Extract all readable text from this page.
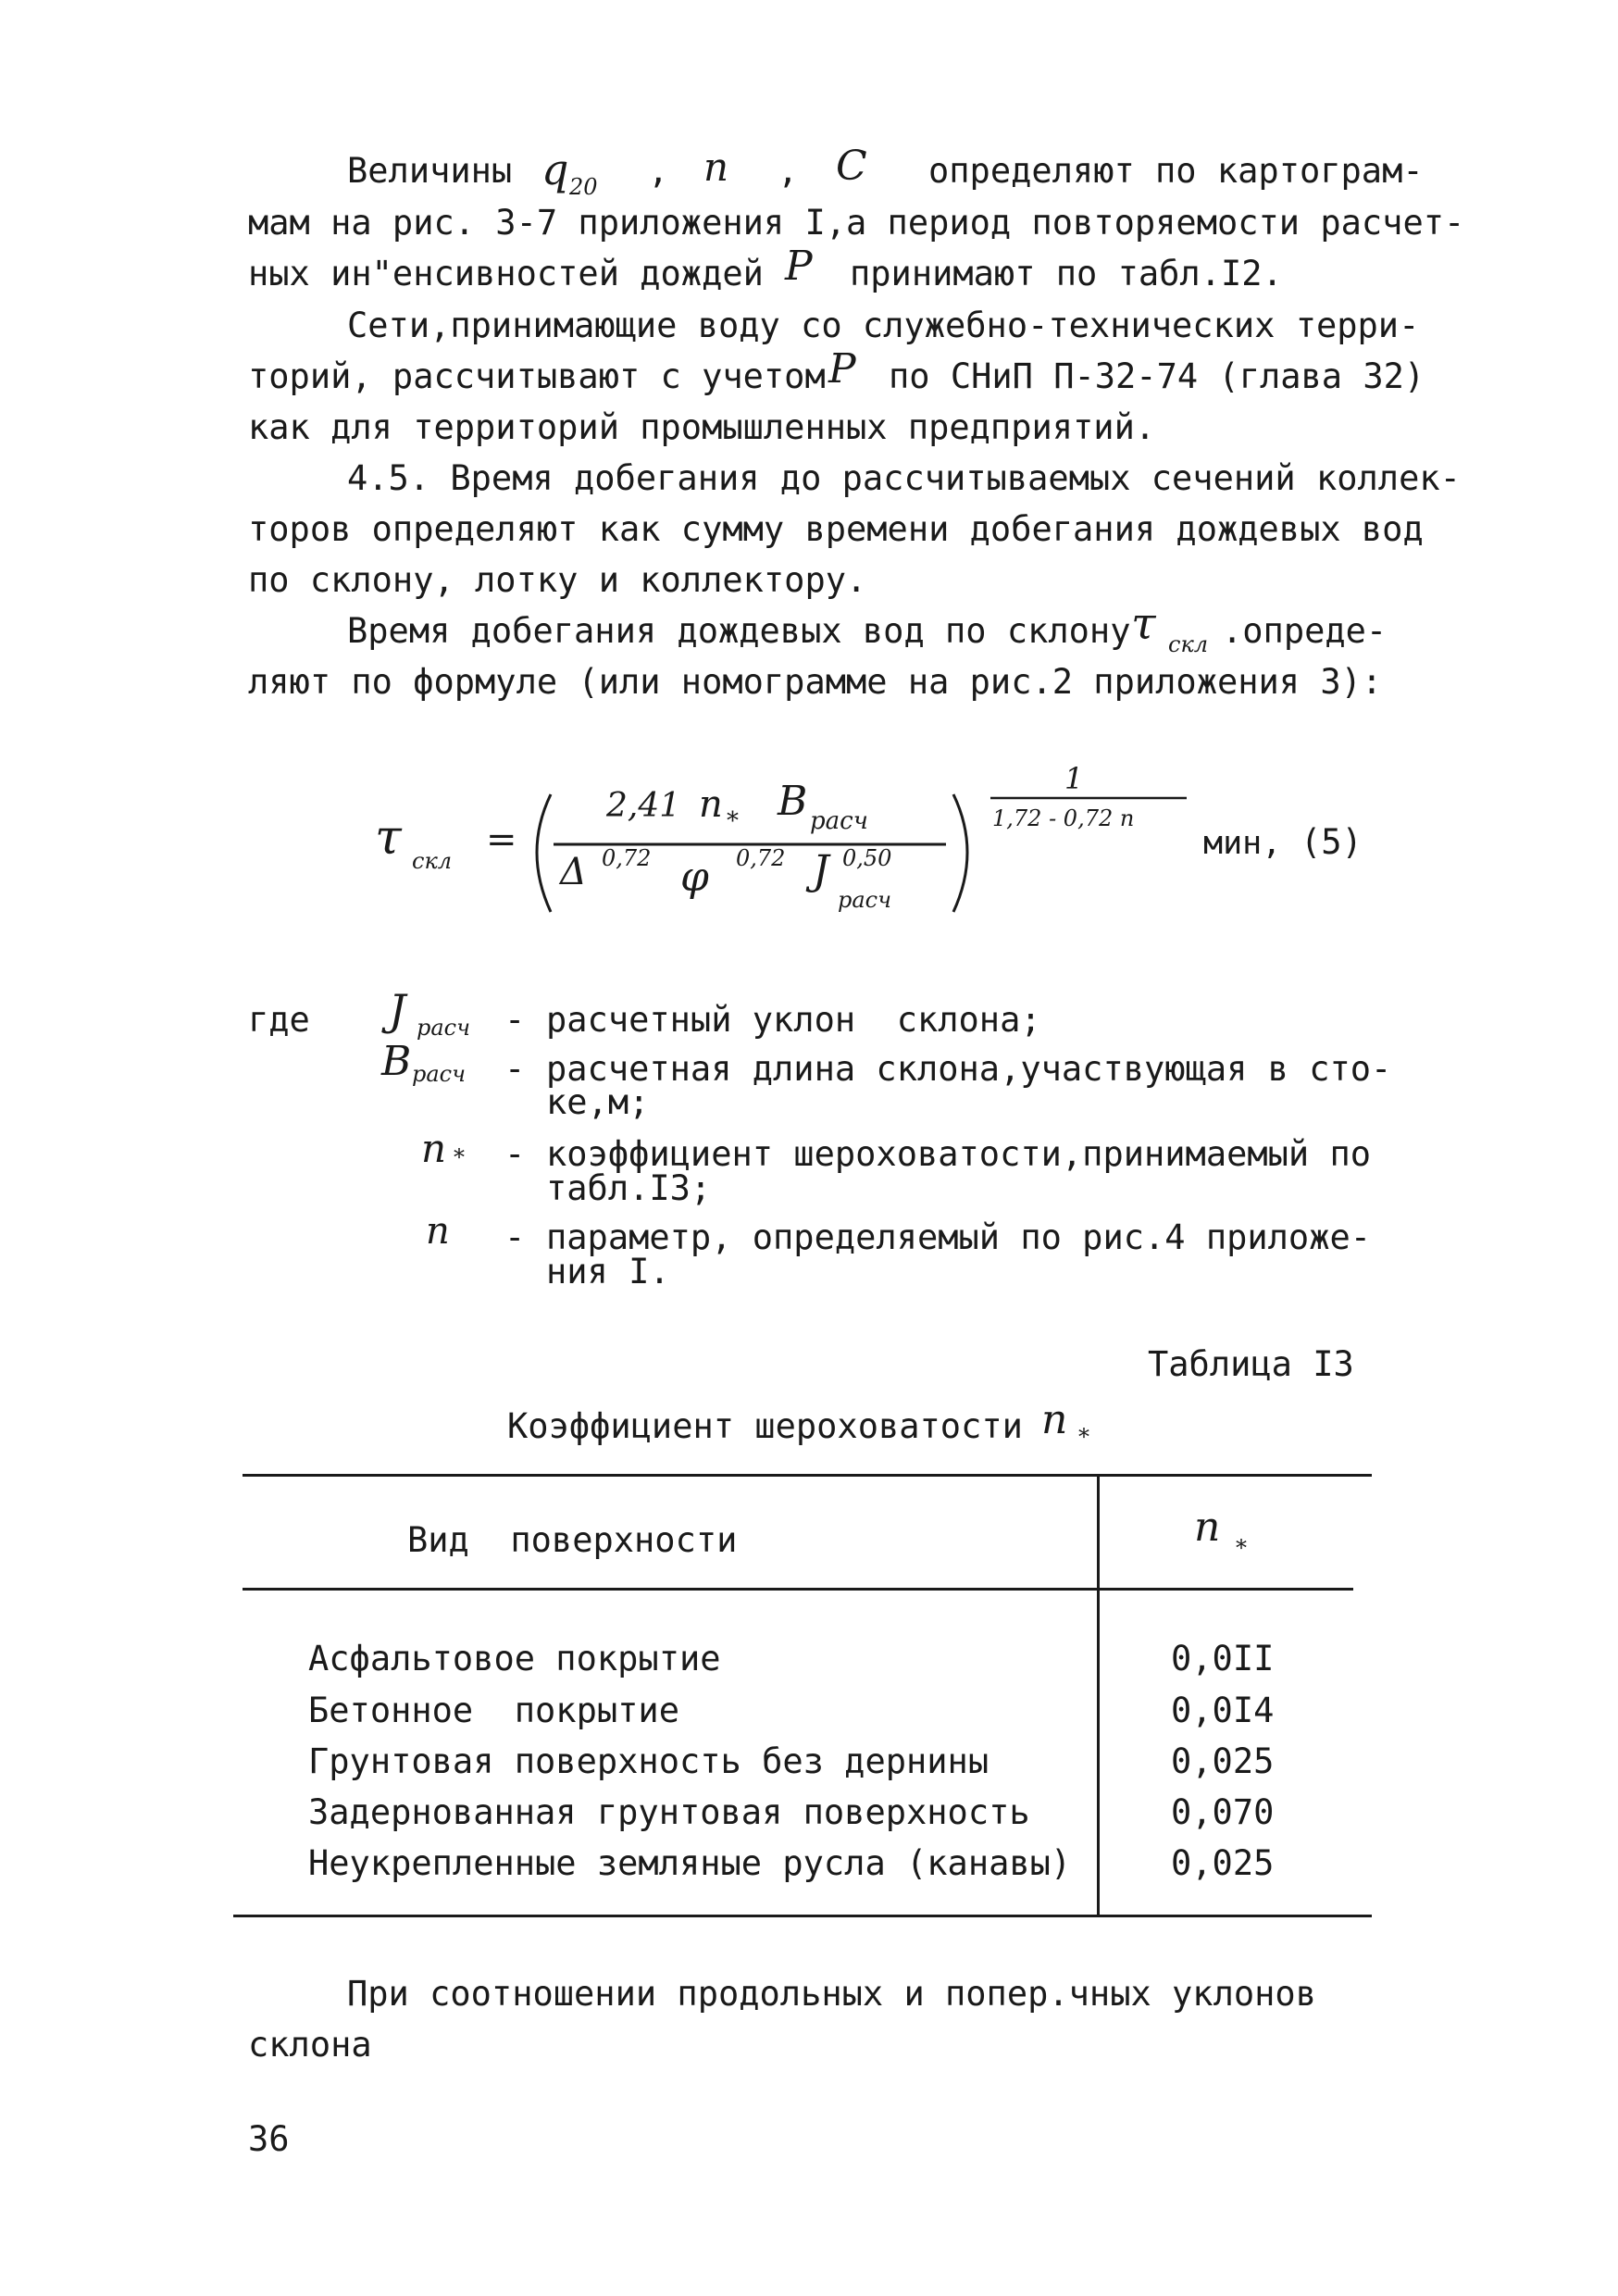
Величины q 20 , n , C определяют по картограм-
мам на рис. 3-7 приложения I,а период повторяемости расчет-
ных ин"енсивностей дождей P принимают по табл.I2.
Сети,принимающие воду со служебно-технических терри-
торий, рассчитывают с учетом P по СНиП П-32-74 (глава 32)
как для территорий промышленных предприятий.
4.5. Время добегания до рассчитываемых сечений коллек-
торов определяют как сумму времени добегания дождевых вод
по склону, лотку и коллектору.
Время добегания дождевых вод по склону τ скл .опреде-
ляют по формуле (или номограмме на рис.2 приложения 3):
τ скл =
2,41 n * B расч
Δ 0,72 φ 0,72 J 0,50
расч
1
1,72 - 0,72 n
мин, (5)
где J расч - расчетный уклон  склона;
B расч - расчетная длина склона,участвующая в сто-
ке,м;
n * - коэффициент шероховатости,принимаемый по
табл.I3;
n - параметр, определяемый по рис.4 приложе-
ния I.
Таблица I3
Коэффициент шероховатости n *
Вид  поверхности	n *
Асфальтовое покрытие	0,0II
Бетонное  покрытие	0,0I4
Грунтовая поверхность без дернины	0,025
Задернованная грунтовая поверхность	0,070
Неукрепленные земляные русла (канавы)	0,025
При соотношении продольных и попер.чных уклонов
склона
36
